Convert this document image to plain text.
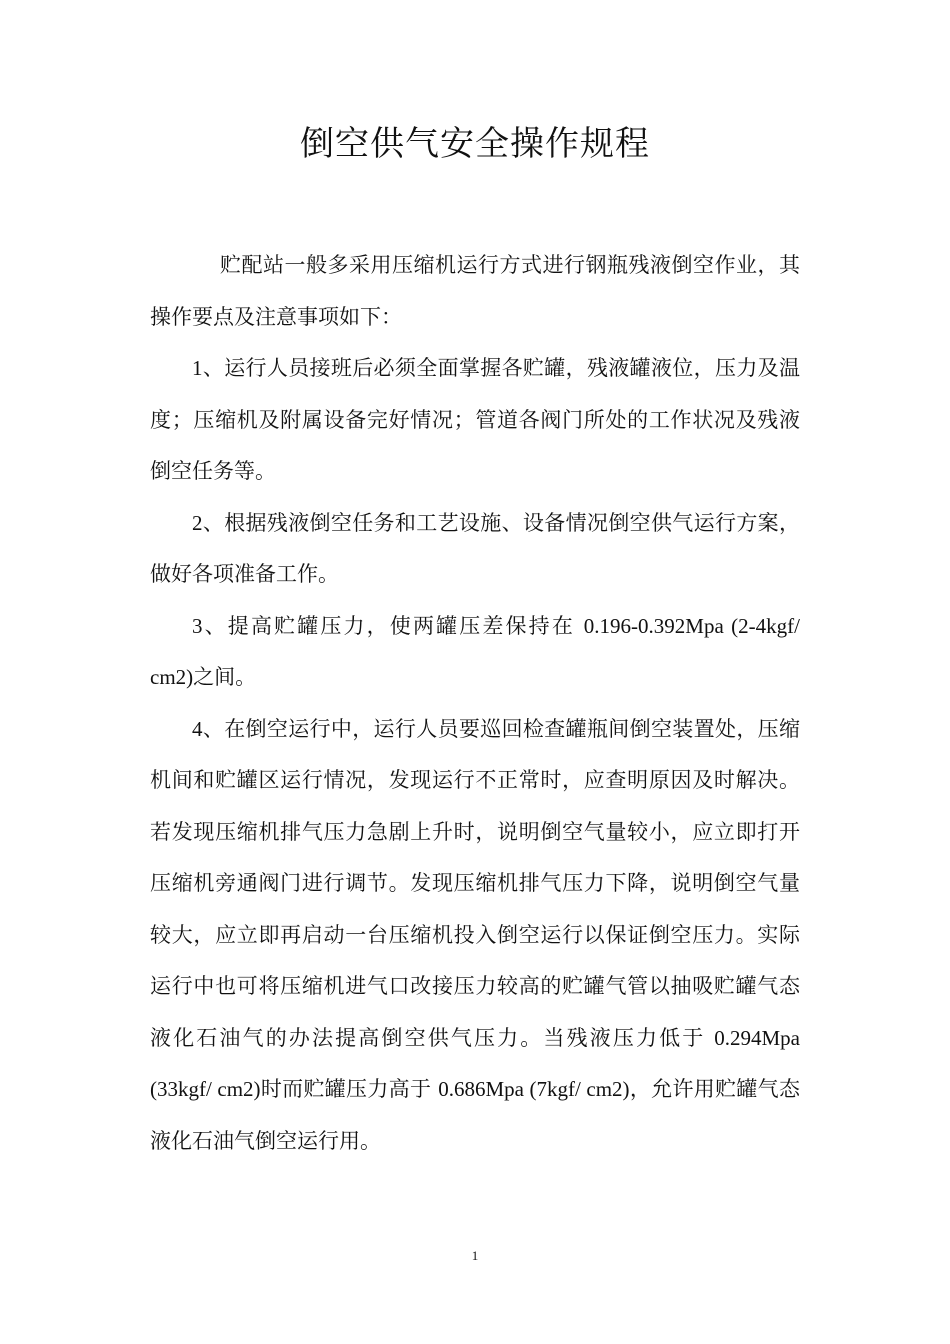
倒空供气安全操作规程

贮配站一般多采用压缩机运行方式进行钢瓶残液倒空作业，其操作要点及注意事项如下：

1、运行人员接班后必须全面掌握各贮罐，残液罐液位，压力及温度；压缩机及附属设备完好情况；管道各阀门所处的工作状况及残液倒空任务等。

2、根据残液倒空任务和工艺设施、设备情况倒空供气运行方案，做好各项准备工作。

3、提高贮罐压力，使两罐压差保持在 0.196-0.392Mpa (2-4kgf/ cm2)之间。

4、在倒空运行中，运行人员要巡回检查罐瓶间倒空装置处，压缩机间和贮罐区运行情况，发现运行不正常时，应查明原因及时解决。若发现压缩机排气压力急剧上升时，说明倒空气量较小，应立即打开压缩机旁通阀门进行调节。发现压缩机排气压力下降，说明倒空气量较大，应立即再启动一台压缩机投入倒空运行以保证倒空压力。实际运行中也可将压缩机进气口改接压力较高的贮罐气管以抽吸贮罐气态液化石油气的办法提高倒空供气压力。当残液压力低于 0.294Mpa (33kgf/ cm2)时而贮罐压力高于 0.686Mpa (7kgf/ cm2)，允许用贮罐气态液化石油气倒空运行用。

1
